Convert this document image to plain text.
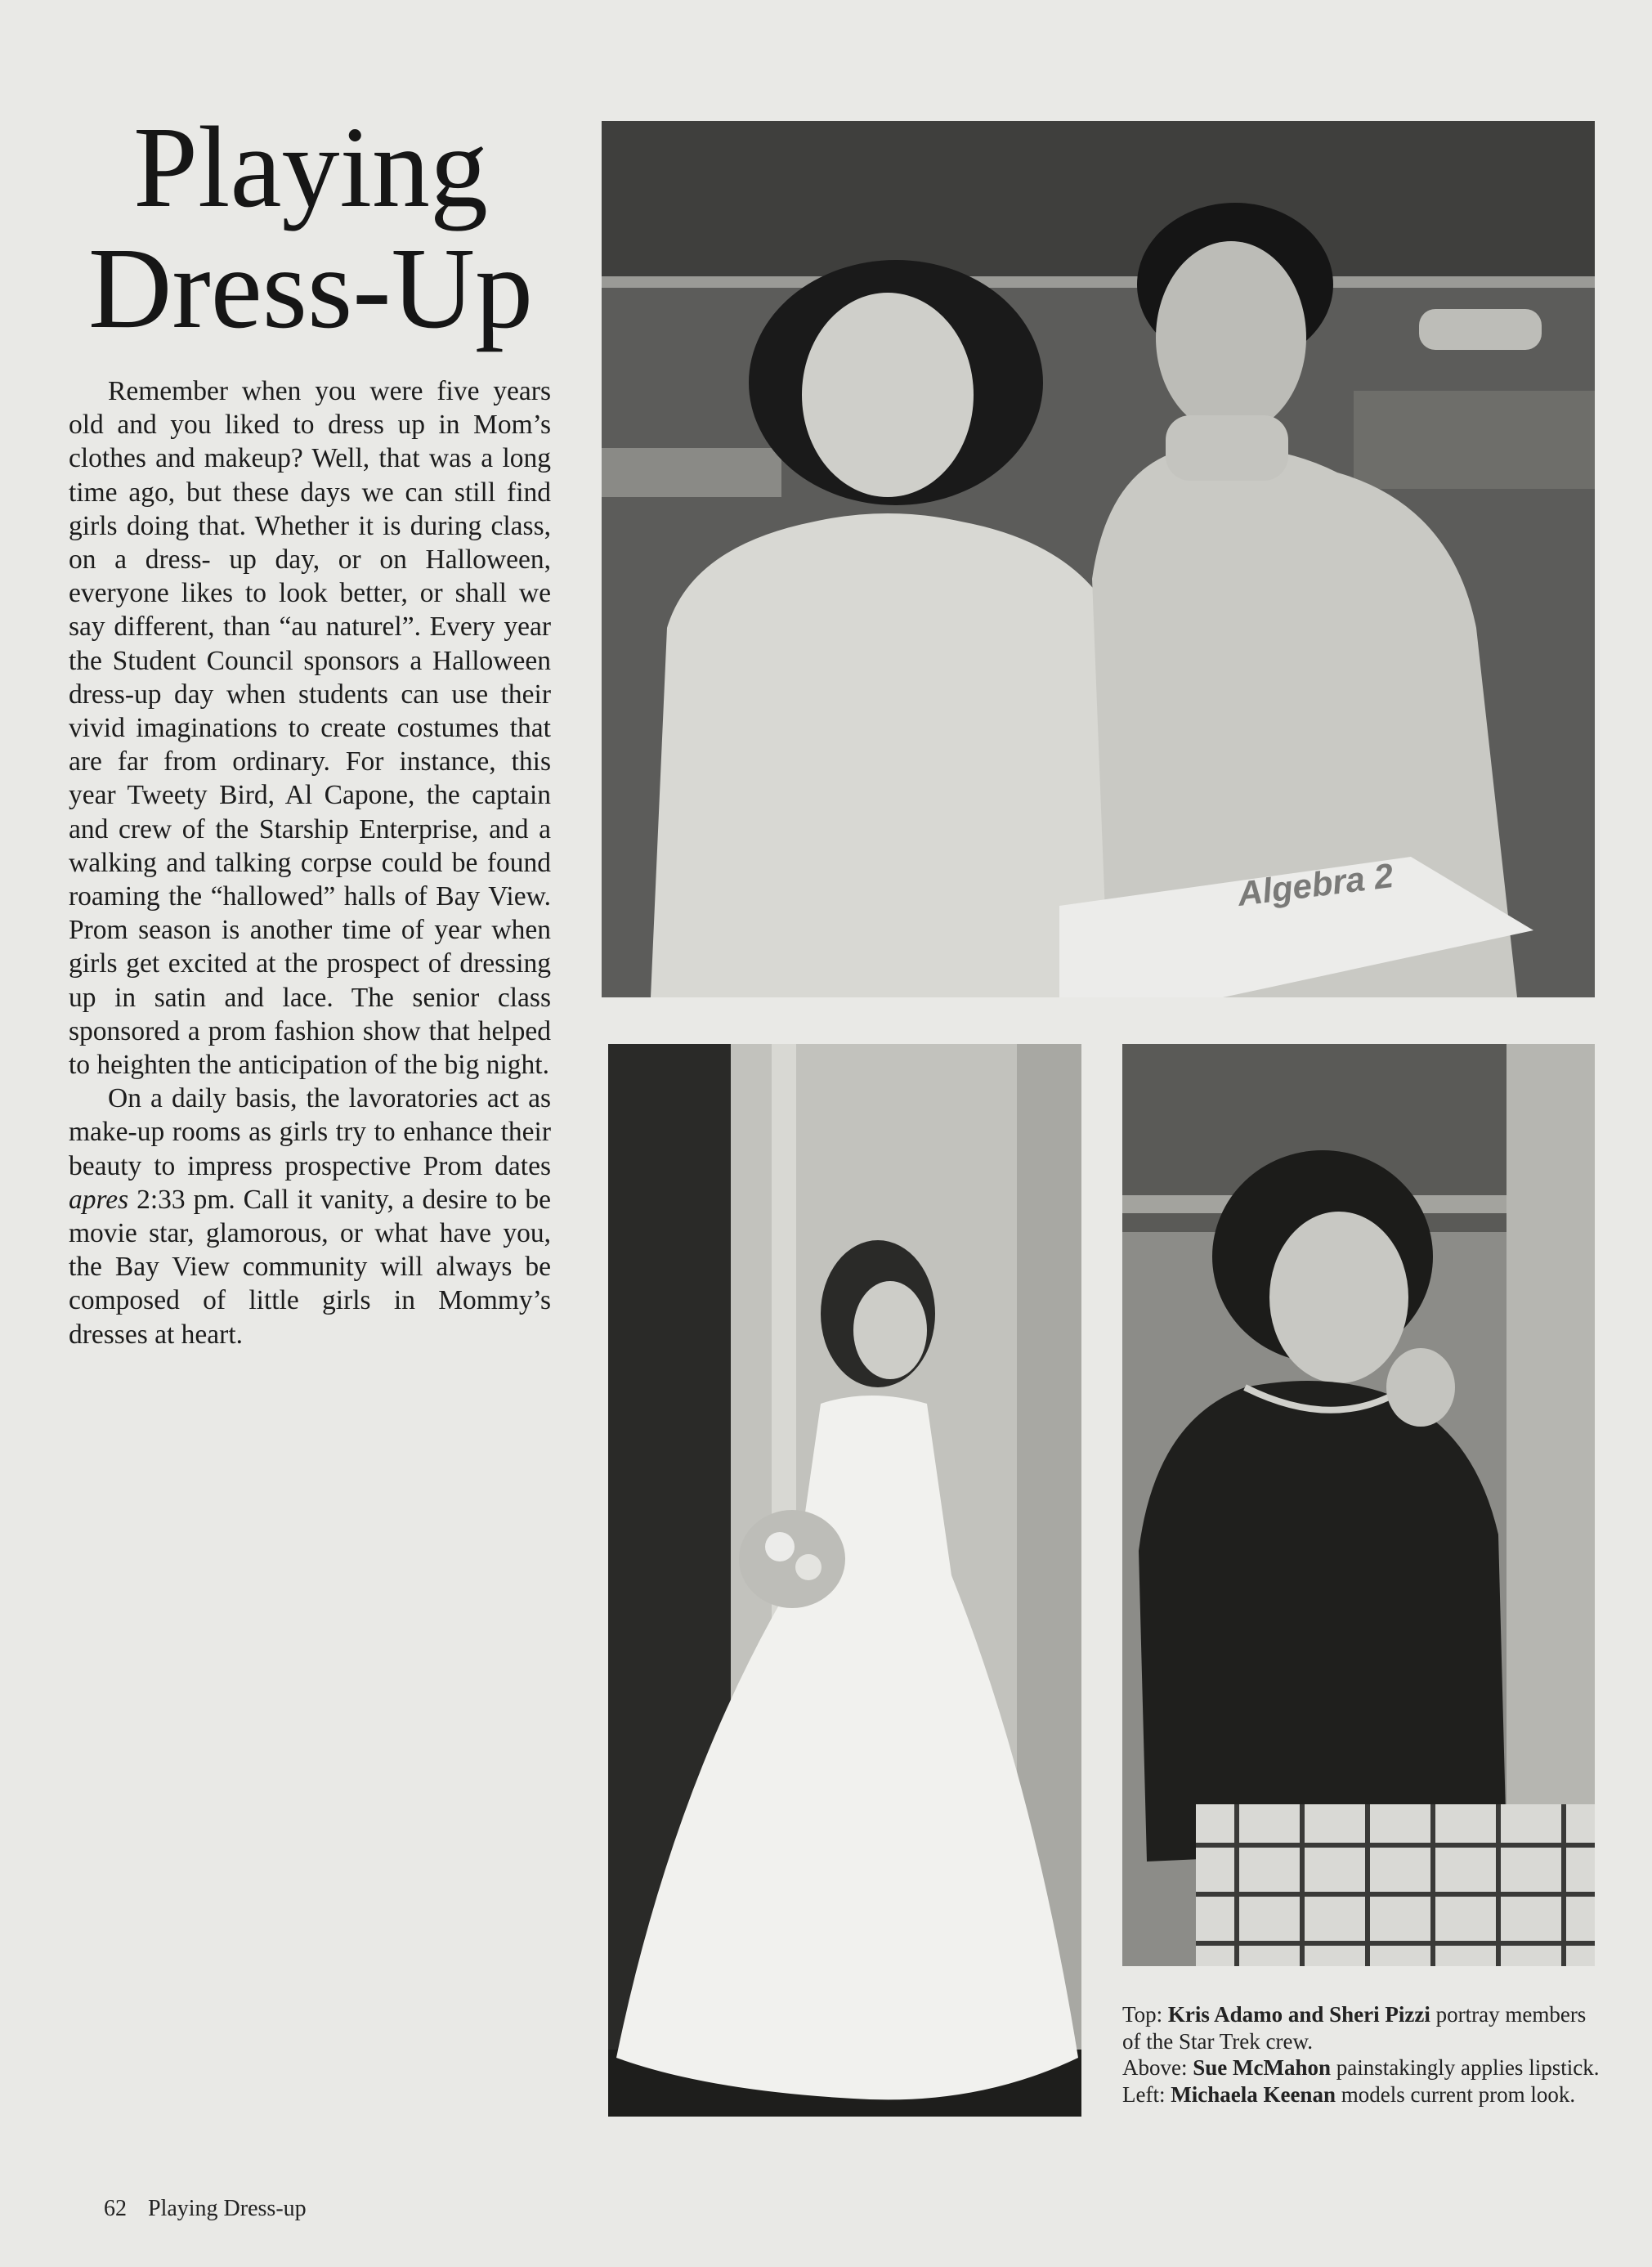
Playing
Dress-Up

Remember when you were five years old and you liked to dress up in Mom’s clothes and makeup? Well, that was a long time ago, but these days we can still find girls doing that. Whether it is during class, on a dress- up day, or on Halloween, everyone likes to look better, or shall we say different, than “au naturel”. Every year the Student Council sponsors a Halloween dress-up day when students can use their vivid imaginations to create costumes that are far from ordinary. For instance, this year Tweety Bird, Al Capone, the captain and crew of the Starship Enterprise, and a walking and talking corpse could be found roaming the “hallowed” halls of Bay View. Prom season is another time of year when girls get excited at the prospect of dressing up in satin and lace. The senior class sponsored a prom fashion show that helped to heighten the anticipation of the big night.

On a daily basis, the lavoratories act as make-up rooms as girls try to enhance their beauty to impress prospective Prom dates apres 2:33 pm. Call it vanity, a desire to be movie star, glamorous, or what have you, the Bay View community will always be composed of little girls in Mommy’s dresses at heart.

Algebra 2
Top: Kris Adamo and Sheri Pizzi portray members of the Star Trek crew.
Above: Sue McMahon painstakingly applies lipstick.
Left: Michaela Keenan models current prom look.
62 Playing Dress-up
